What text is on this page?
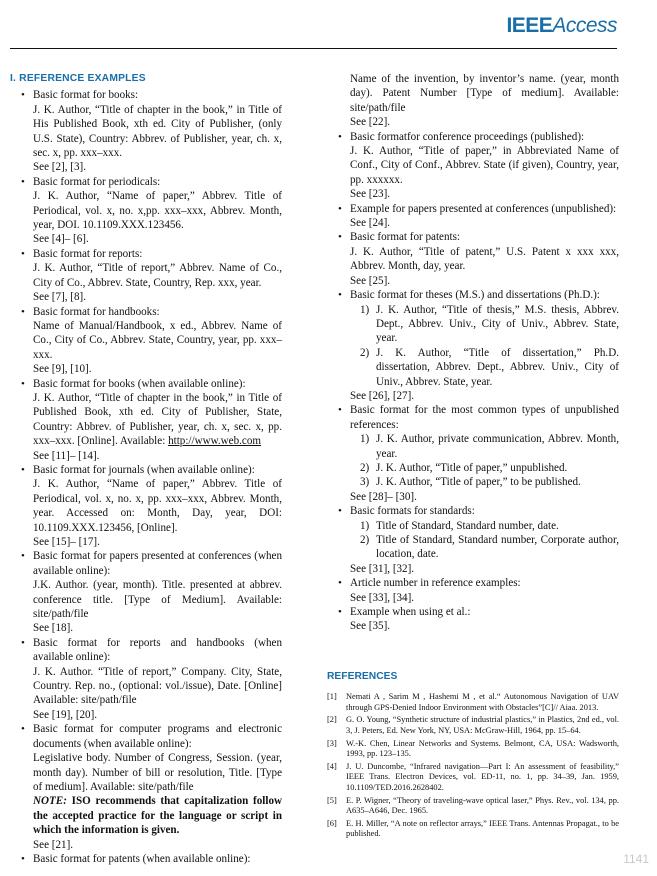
IEEEAccess
I. REFERENCE EXAMPLES
• Basic format for books:
J. K. Author, “Title of chapter in the book,” in Title of His Published Book, xth ed. City of Publisher, (only U.S. State), Country: Abbrev. of Publisher, year, ch. x, sec. x, pp. xxx–xxx.
See [2], [3].
• Basic format for periodicals:
J. K. Author, “Name of paper,” Abbrev. Title of Periodical, vol. x, no. x,pp. xxx–xxx, Abbrev. Month, year, DOI. 10.1109.XXX.123456.
See [4]– [6].
• Basic format for reports:
J. K. Author, “Title of report,” Abbrev. Name of Co., City of Co., Abbrev. State, Country, Rep. xxx, year.
See [7], [8].
• Basic format for handbooks:
Name of Manual/Handbook, x ed., Abbrev. Name of Co., City of Co., Abbrev. State, Country, year, pp. xxx–xxx.
See [9], [10].
• Basic format for books (when available online):
J. K. Author, “Title of chapter in the book,” in Title of Published Book, xth ed. City of Publisher, State, Country: Abbrev. of Publisher, year, ch. x, sec. x, pp. xxx–xxx. [Online]. Available: http://www.web.com
See [11]– [14].
• Basic format for journals (when available online):
J. K. Author, “Name of paper,” Abbrev. Title of Periodical, vol. x, no. x, pp. xxx–xxx, Abbrev. Month, year. Accessed on: Month, Day, year, DOI: 10.1109.XXX.123456, [Online].
See [15]– [17].
• Basic format for papers presented at conferences (when available online):
J.K. Author. (year, month). Title. presented at abbrev. conference title. [Type of Medium]. Available: site/path/file
See [18].
• Basic format for reports and handbooks (when available online):
J. K. Author. “Title of report,” Company. City, State, Country. Rep. no., (optional: vol./issue), Date. [Online] Available: site/path/file
See [19], [20].
• Basic format for computer programs and electronic documents (when available online):
Legislative body. Number of Congress, Session. (year, month day). Number of bill or resolution, Title. [Type of medium]. Available: site/path/file
NOTE: ISO recommends that capitalization follow the accepted practice for the language or script in which the information is given.
See [21].
• Basic format for patents (when available online):
Name of the invention, by inventor’s name. (year, month day). Patent Number [Type of medium]. Available: site/path/file
See [22].
• Basic formatfor conference proceedings (published):
J. K. Author, “Title of paper,” in Abbreviated Name of Conf., City of Conf., Abbrev. State (if given), Country, year, pp. xxxxxx.
See [23].
• Example for papers presented at conferences (unpublished):
See [24].
• Basic format for patents:
J. K. Author, “Title of patent,” U.S. Patent x xxx xxx, Abbrev. Month, day, year.
See [25].
• Basic format for theses (M.S.) and dissertations (Ph.D.):
1) J. K. Author, “Title of thesis,” M.S. thesis, Abbrev. Dept., Abbrev. Univ., City of Univ., Abbrev. State, year.
2) J. K. Author, “Title of dissertation,” Ph.D. dissertation, Abbrev. Dept., Abbrev. Univ., City of Univ., Abbrev. State, year.
See [26], [27].
• Basic format for the most common types of unpublished references:
1) J. K. Author, private communication, Abbrev. Month, year.
2) J. K. Author, “Title of paper,” unpublished.
3) J. K. Author, “Title of paper,” to be published.
See [28]– [30].
• Basic formats for standards:
1) Title of Standard, Standard number, date.
2) Title of Standard, Standard number, Corporate author, location, date.
See [31], [32].
• Article number in reference examples:
See [33], [34].
• Example when using et al.:
See [35].
REFERENCES
[1] Nemati A , Sarim M , Hashemi M , et al.“ Autonomous Navigation of UAV through GPS-Denied Indoor Environment with Obstacles”[C]// Aiaa. 2013.
[2] G. O. Young, “Synthetic structure of industrial plastics,” in Plastics, 2nd ed., vol. 3, J. Peters, Ed. New York, NY, USA: McGraw-Hill, 1964, pp. 15–64.
[3] W.-K. Chen, Linear Networks and Systems. Belmont, CA, USA: Wadsworth, 1993, pp. 123–135.
[4] J. U. Duncombe, “Infrared navigation—Part I: An assessment of feasibility,” IEEE Trans. Electron Devices, vol. ED-11, no. 1, pp. 34–39, Jan. 1959, 10.1109/TED.2016.2628402.
[5] E. P. Wigner, “Theory of traveling-wave optical laser,” Phys. Rev., vol. 134, pp. A635–A646, Dec. 1965.
[6] E. H. Miller, “A note on reflector arrays,” IEEE Trans. Antennas Propagat., to be published.
1141
